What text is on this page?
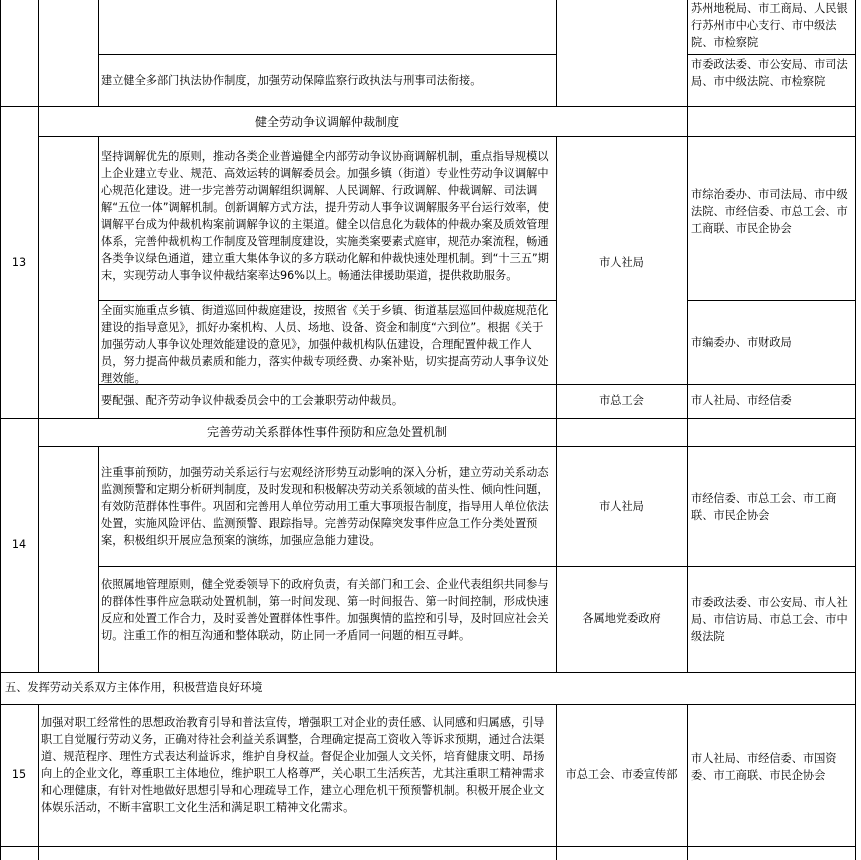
苏州地税局、市工商局、人民银行苏州市中心支行、市中级法院、市检察院
建立健全多部门执法协作制度，加强劳动保障监察行政执法与刑事司法衔接。
市委政法委、市公安局、市司法局、市中级法院、市检察院
13
健全劳动争议调解仲裁制度
坚持调解优先的原则，推动各类企业普遍健全内部劳动争议协商调解机制，重点指导规模以上企业建立专业、规范、高效运转的调解委员会。加强乡镇（街道）专业性劳动争议调解中心规范化建设。进一步完善劳动调解组织调解、人民调解、行政调解、仲裁调解、司法调解“五位一体”调解机制。创新调解方式方法，提升劳动人事争议调解服务平台运行效率，使调解平台成为仲裁机构案前调解争议的主渠道。健全以信息化为载体的仲裁办案及质效管理体系，完善仲裁机构工作制度及管理制度建设，实施类案要素式庭审，规范办案流程，畅通各类争议绿色通道，建立重大集体争议的多方联动化解和仲裁快速处理机制。到“十三五”期末，实现劳动人事争议仲裁结案率达96%以上。畅通法律援助渠道，提供救助服务。
全面实施重点乡镇、街道巡回仲裁庭建设，按照省《关于乡镇、街道基层巡回仲裁庭规范化建设的指导意见》，抓好办案机构、人员、场地、设备、资金和制度“六到位”。根据《关于加强劳动人事争议处理效能建设的意见》，加强仲裁机构队伍建设，合理配置仲裁工作人员，努力提高仲裁员素质和能力，落实仲裁专项经费、办案补贴，切实提高劳动人事争议处理效能。
要配强、配齐劳动争议仲裁委员会中的工会兼职劳动仲裁员。
市人社局
市总工会
市综治委办、市司法局、市中级法院、市经信委、市总工会、市工商联、市民企协会
市编委办、市财政局
市人社局、市经信委
14
完善劳动关系群体性事件预防和应急处置机制
注重事前预防，加强劳动关系运行与宏观经济形势互动影响的深入分析，建立劳动关系动态监测预警和定期分析研判制度，及时发现和积极解决劳动关系领域的苗头性、倾向性问题，有效防范群体性事件。巩固和完善用人单位劳动用工重大事项报告制度，指导用人单位依法处置，实施风险评估、监测预警、跟踪指导。完善劳动保障突发事件应急工作分类处置预案，积极组织开展应急预案的演练，加强应急能力建设。
依照属地管理原则，健全党委领导下的政府负责，有关部门和工会、企业代表组织共同参与的群体性事件应急联动处置机制，第一时间发现、第一时间报告、第一时间控制，形成快速反应和处置工作合力，及时妥善处置群体性事件。加强舆情的监控和引导，及时回应社会关切。注重工作的相互沟通和整体联动，防止同一矛盾同一问题的相互寻衅。
市人社局
各属地党委政府
市经信委、市总工会、市工商联、市民企协会
市委政法委、市公安局、市人社局、市信访局、市总工会、市中级法院
五、发挥劳动关系双方主体作用，积极营造良好环境
15
加强对职工经常性的思想政治教育引导和普法宣传，增强职工对企业的责任感、认同感和归属感，引导职工自觉履行劳动义务，正确对待社会利益关系调整，合理确定提高工资收入等诉求预期，通过合法渠道、规范程序、理性方式表达利益诉求，维护自身权益。督促企业加强人文关怀，培育健康文明、昂扬向上的企业文化，尊重职工主体地位，维护职工人格尊严，关心职工生活疾苦，尤其注重职工精神需求和心理健康，有针对性地做好思想引导和心理疏导工作，建立心理危机干预预警机制。积极开展企业文体娱乐活动，不断丰富职工文化生活和满足职工精神文化需求。
市总工会、市委宣传部
市人社局、市经信委、市国资委、市工商联、市民企协会
